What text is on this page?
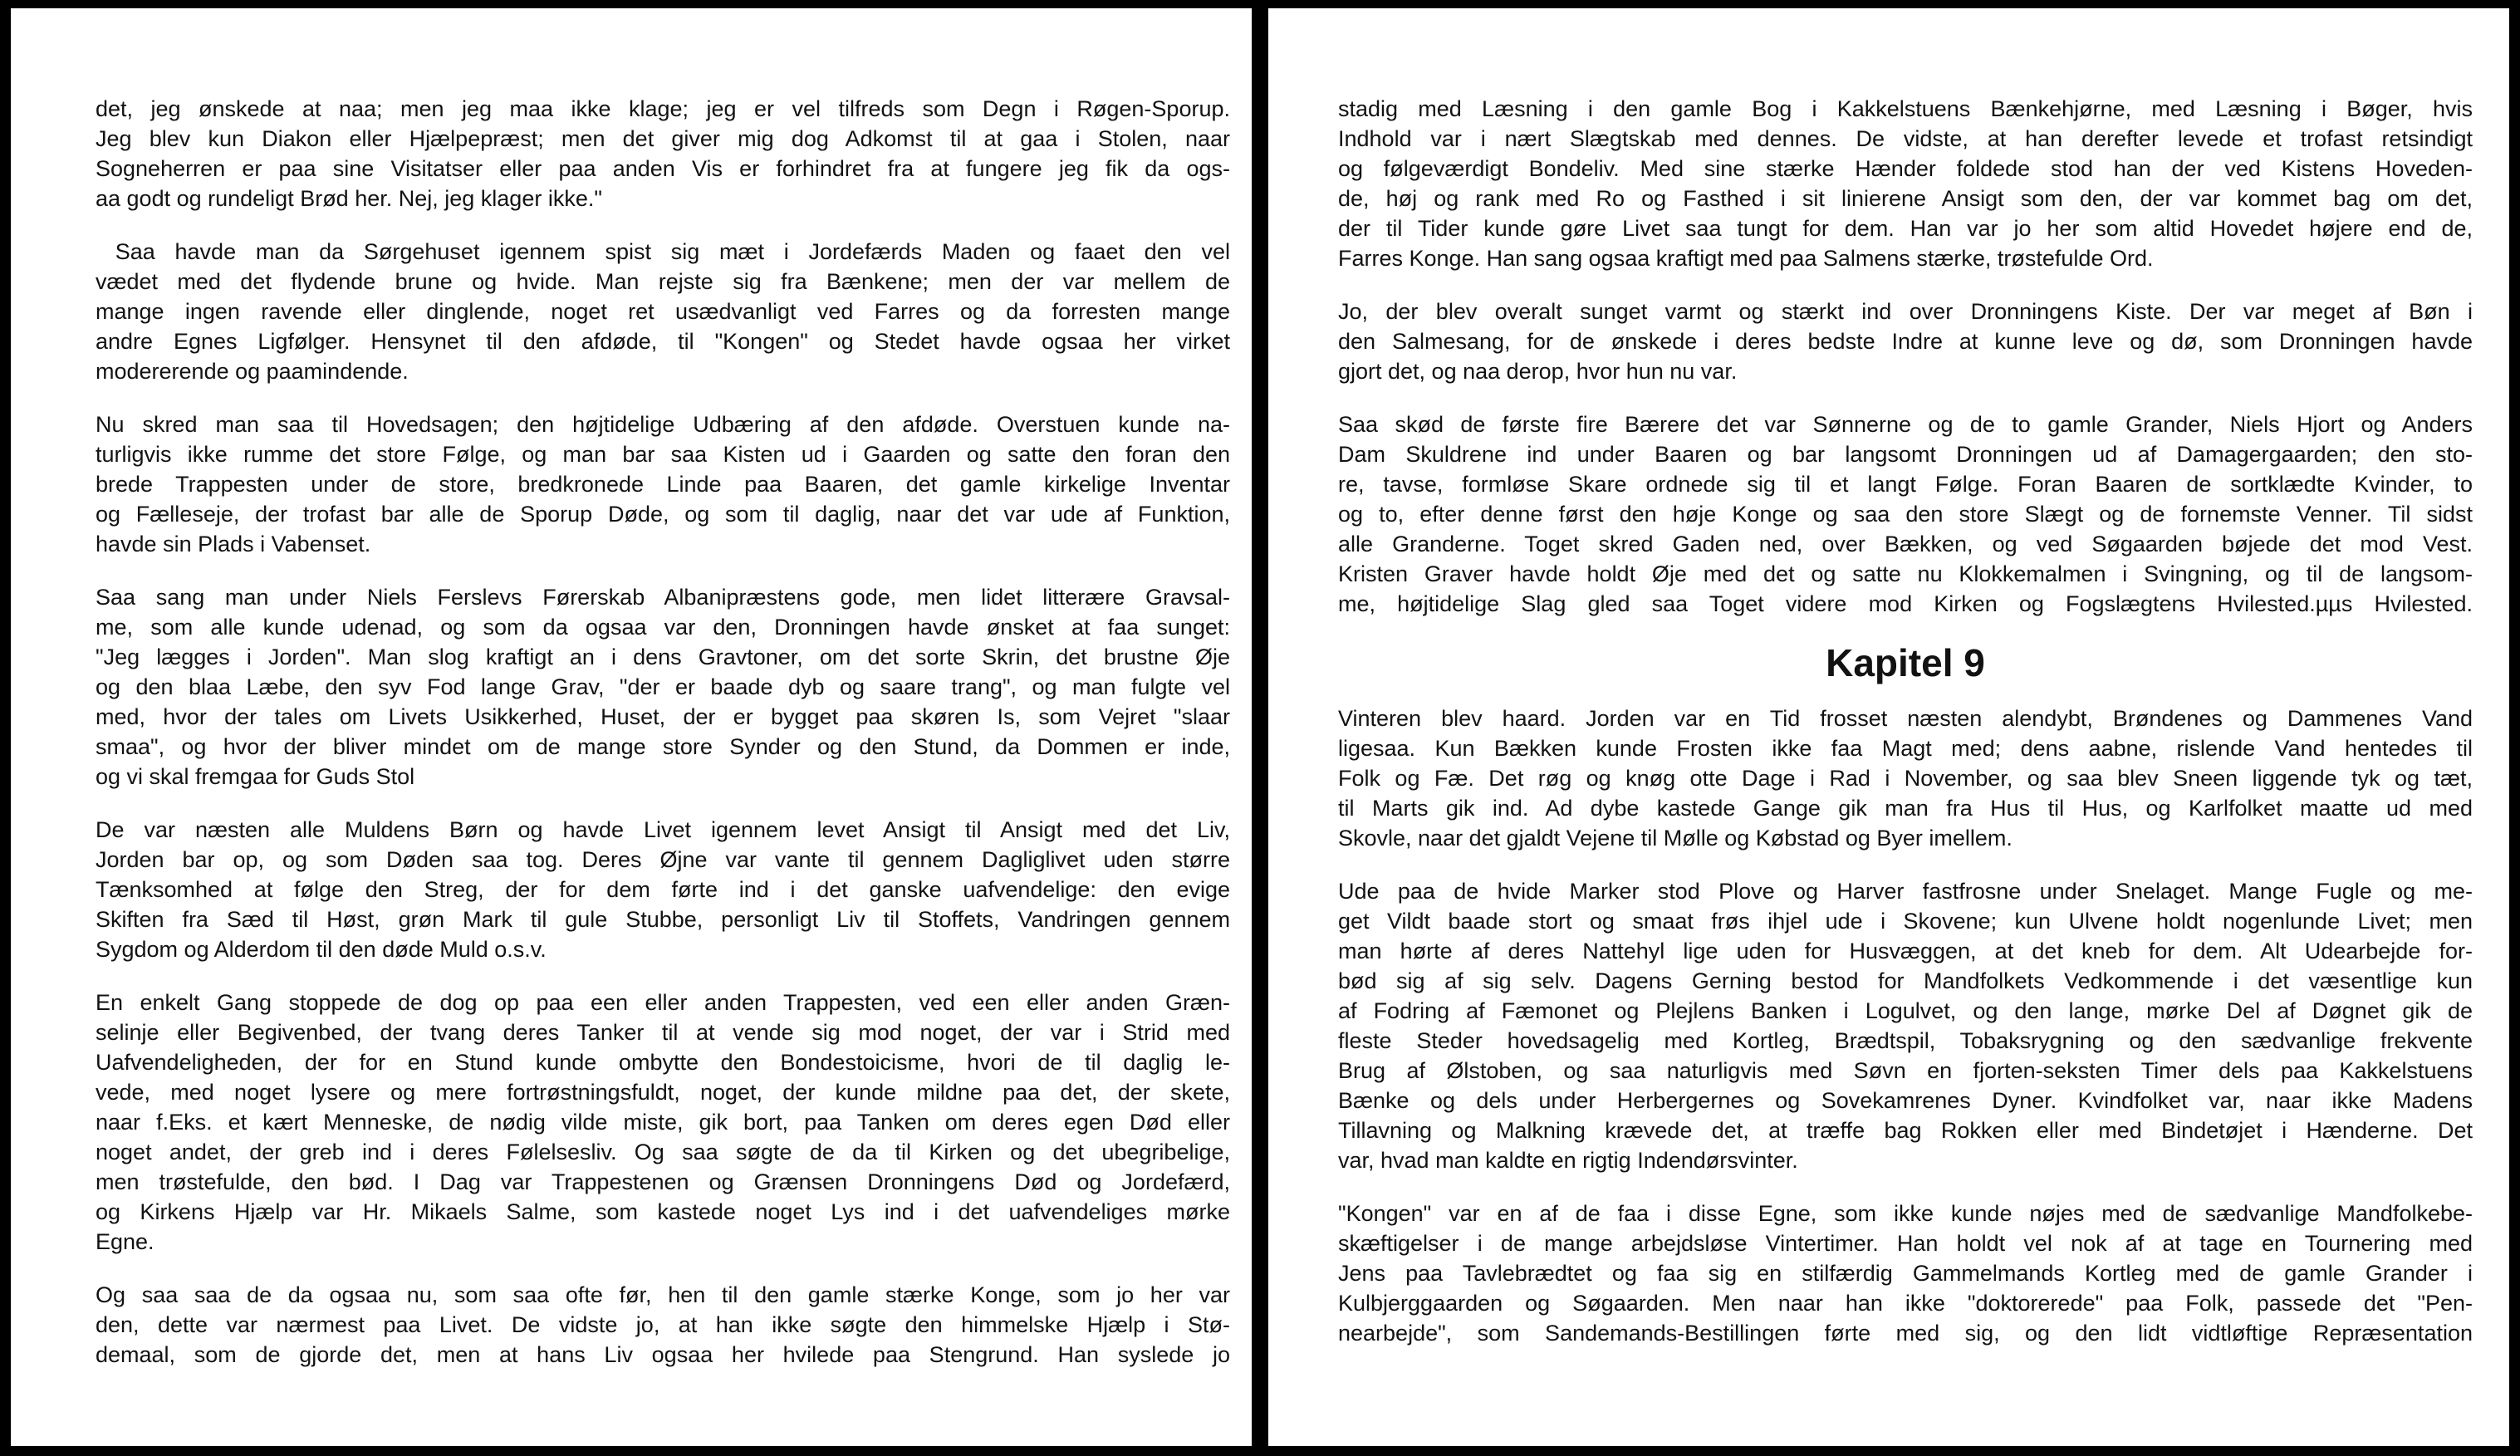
det, jeg ønskede at naa; men jeg maa ikke klage; jeg er vel tilfreds som Degn i Røgen-Sporup.
Jeg blev kun Diakon eller Hjælpepræst; men det giver mig dog Adkomst til at gaa i Stolen, naar
Sogneherren er paa sine Visitatser eller paa anden Vis er forhindret fra at fungere jeg fik da ogs-
aa godt og rundeligt Brød her. Nej, jeg klager ikke."
Saa havde man da Sørgehuset igennem spist sig mæt i Jordefærds Maden og faaet den vel
vædet med det flydende brune og hvide. Man rejste sig fra Bænkene; men der var mellem de
mange ingen ravende eller dinglende, noget ret usædvanligt ved Farres og da forresten mange
andre Egnes Ligfølger. Hensynet til den afdøde, til "Kongen" og Stedet havde ogsaa her virket
modererende og paamindende.
Nu skred man saa til Hovedsagen; den højtidelige Udbæring af den afdøde. Overstuen kunde na-
turligvis ikke rumme det store Følge, og man bar saa Kisten ud i Gaarden og satte den foran den
brede Trappesten under de store, bredkronede Linde paa Baaren, det gamle kirkelige Inventar
og Fælleseje, der trofast bar alle de Sporup Døde, og som til daglig, naar det var ude af Funktion,
havde sin Plads i Vabenset.
Saa sang man under Niels Ferslevs Førerskab Albanipræstens gode, men lidet litterære Gravsal-
me, som alle kunde udenad, og som da ogsaa var den, Dronningen havde ønsket at faa sunget:
"Jeg lægges i Jorden". Man slog kraftigt an i dens Gravtoner, om det sorte Skrin, det brustne Øje
og den blaa Læbe, den syv Fod lange Grav, "der er baade dyb og saare trang", og man fulgte vel
med, hvor der tales om Livets Usikkerhed, Huset, der er bygget paa skøren Is, som Vejret "slaar
smaa", og hvor der bliver mindet om de mange store Synder og den Stund, da Dommen er inde,
og vi skal fremgaa for Guds Stol
De var næsten alle Muldens Børn og havde Livet igennem levet Ansigt til Ansigt med det Liv,
Jorden bar op, og som Døden saa tog. Deres Øjne var vante til gennem Dagliglivet uden større
Tænksomhed at følge den Streg, der for dem førte ind i det ganske uafvendelige: den evige
Skiften fra Sæd til Høst, grøn Mark til gule Stubbe, personligt Liv til Stoffets, Vandringen gennem
Sygdom og Alderdom til den døde Muld o.s.v.
En enkelt Gang stoppede de dog op paa een eller anden Trappesten, ved een eller anden Græn-
selinje eller Begivenbed, der tvang deres Tanker til at vende sig mod noget, der var i Strid med
Uafvendeligheden, der for en Stund kunde ombytte den Bondestoicisme, hvori de til daglig le-
vede, med noget lysere og mere fortrøstningsfuldt, noget, der kunde mildne paa det, der skete,
naar f.Eks. et kært Menneske, de nødig vilde miste, gik bort, paa Tanken om deres egen Død eller
noget andet, der greb ind i deres Følelsesliv. Og saa søgte de da til Kirken og det ubegribelige,
men trøstefulde, den bød. I Dag var Trappestenen og Grænsen Dronningens Død og Jordefærd,
og Kirkens Hjælp var Hr. Mikaels Salme, som kastede noget Lys ind i det uafvendeliges mørke
Egne.
Og saa saa de da ogsaa nu, som saa ofte før, hen til den gamle stærke Konge, som jo her var
den, dette var nærmest paa Livet. De vidste jo, at han ikke søgte den himmelske Hjælp i Stø-
demaal, som de gjorde det, men at hans Liv ogsaa her hvilede paa Stengrund. Han syslede jo
stadig med Læsning i den gamle Bog i Kakkelstuens Bænkehjørne, med Læsning i Bøger, hvis
Indhold var i nært Slægtskab med dennes. De vidste, at han derefter levede et trofast retsindigt
og følgeværdigt Bondeliv. Med sine stærke Hænder foldede stod han der ved Kistens Hoveden-
de, høj og rank med Ro og Fasthed i sit linierene Ansigt som den, der var kommet bag om det,
der til Tider kunde gøre Livet saa tungt for dem. Han var jo her som altid Hovedet højere end de,
Farres Konge. Han sang ogsaa kraftigt med paa Salmens stærke, trøstefulde Ord.
Jo, der blev overalt sunget varmt og stærkt ind over Dronningens Kiste. Der var meget af Bøn i
den Salmesang, for de ønskede i deres bedste Indre at kunne leve og dø, som Dronningen havde
gjort det, og naa derop, hvor hun nu var.
Saa skød de første fire Bærere det var Sønnerne og de to gamle Grander, Niels Hjort og Anders
Dam Skuldrene ind under Baaren og bar langsomt Dronningen ud af Damagergaarden; den sto-
re, tavse, formløse Skare ordnede sig til et langt Følge. Foran Baaren de sortklædte Kvinder, to
og to, efter denne først den høje Konge og saa den store Slægt og de fornemste Venner. Til sidst
alle Granderne. Toget skred Gaden ned, over Bækken, og ved Søgaarden bøjede det mod Vest.
Kristen Graver havde holdt Øje med det og satte nu Klokkemalmen i Svingning, og til de langsom-
me, højtidelige Slag gled saa Toget videre mod Kirken og Fogslægtens Hvilested.µµs Hvilested.
Kapitel 9
Vinteren blev haard. Jorden var en Tid frosset næsten alendybt, Brøndenes og Dammenes Vand
ligesaa. Kun Bækken kunde Frosten ikke faa Magt med; dens aabne, rislende Vand hentedes til
Folk og Fæ. Det røg og knøg otte Dage i Rad i November, og saa blev Sneen liggende tyk og tæt,
til Marts gik ind. Ad dybe kastede Gange gik man fra Hus til Hus, og Karlfolket maatte ud med
Skovle, naar det gjaldt Vejene til Mølle og Købstad og Byer imellem.
Ude paa de hvide Marker stod Plove og Harver fastfrosne under Snelaget. Mange Fugle og me-
get Vildt baade stort og smaat frøs ihjel ude i Skovene; kun Ulvene holdt nogenlunde Livet; men
man hørte af deres Nattehyl lige uden for Husvæggen, at det kneb for dem. Alt Udearbejde for-
bød sig af sig selv. Dagens Gerning bestod for Mandfolkets Vedkommende i det væsentlige kun
af Fodring af Fæmonet og Plejlens Banken i Logulvet, og den lange, mørke Del af Døgnet gik de
fleste Steder hovedsagelig med Kortleg, Brædtspil, Tobaksrygning og den sædvanlige frekvente
Brug af Ølstoben, og saa naturligvis med Søvn en fjorten-seksten Timer dels paa Kakkelstuens
Bænke og dels under Herbergernes og Sovekamrenes Dyner. Kvindfolket var, naar ikke Madens
Tillavning og Malkning krævede det, at træffe bag Rokken eller med Bindetøjet i Hænderne. Det
var, hvad man kaldte en rigtig Indendørsvinter.
"Kongen" var en af de faa i disse Egne, som ikke kunde nøjes med de sædvanlige Mandfolkebe-
skæftigelser i de mange arbejdsløse Vintertimer. Han holdt vel nok af at tage en Tournering med
Jens paa Tavlebrædtet og faa sig en stilfærdig Gammelmands Kortleg med de gamle Grander i
Kulbjerggaarden og Søgaarden. Men naar han ikke "doktorerede" paa Folk, passede det "Pen-
nearbejde", som Sandemands-Bestillingen førte med sig, og den lidt vidtløftige Repræsentation
